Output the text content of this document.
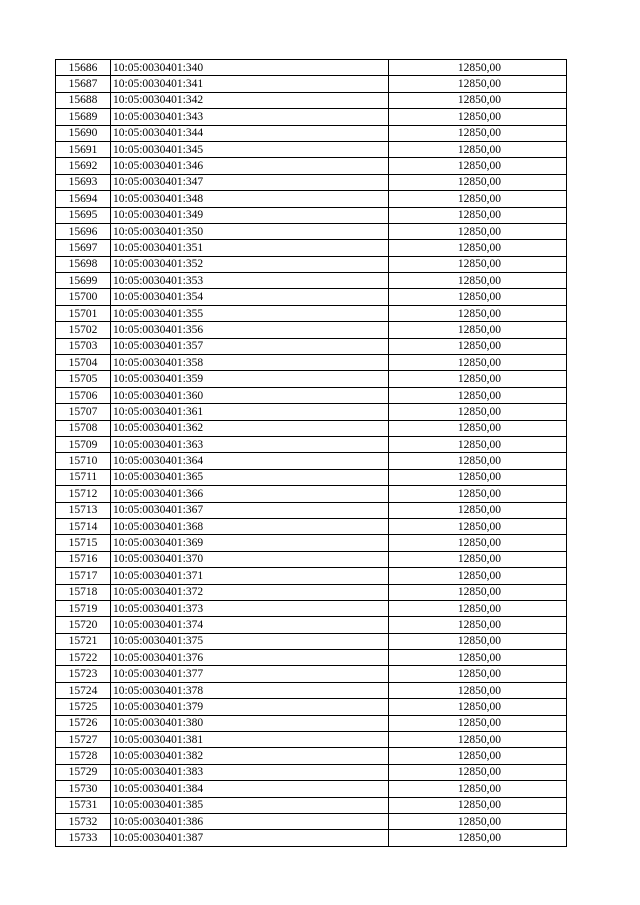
15686	10:05:0030401:340	12850,00
15687	10:05:0030401:341	12850,00
15688	10:05:0030401:342	12850,00
15689	10:05:0030401:343	12850,00
15690	10:05:0030401:344	12850,00
15691	10:05:0030401:345	12850,00
15692	10:05:0030401:346	12850,00
15693	10:05:0030401:347	12850,00
15694	10:05:0030401:348	12850,00
15695	10:05:0030401:349	12850,00
15696	10:05:0030401:350	12850,00
15697	10:05:0030401:351	12850,00
15698	10:05:0030401:352	12850,00
15699	10:05:0030401:353	12850,00
15700	10:05:0030401:354	12850,00
15701	10:05:0030401:355	12850,00
15702	10:05:0030401:356	12850,00
15703	10:05:0030401:357	12850,00
15704	10:05:0030401:358	12850,00
15705	10:05:0030401:359	12850,00
15706	10:05:0030401:360	12850,00
15707	10:05:0030401:361	12850,00
15708	10:05:0030401:362	12850,00
15709	10:05:0030401:363	12850,00
15710	10:05:0030401:364	12850,00
15711	10:05:0030401:365	12850,00
15712	10:05:0030401:366	12850,00
15713	10:05:0030401:367	12850,00
15714	10:05:0030401:368	12850,00
15715	10:05:0030401:369	12850,00
15716	10:05:0030401:370	12850,00
15717	10:05:0030401:371	12850,00
15718	10:05:0030401:372	12850,00
15719	10:05:0030401:373	12850,00
15720	10:05:0030401:374	12850,00
15721	10:05:0030401:375	12850,00
15722	10:05:0030401:376	12850,00
15723	10:05:0030401:377	12850,00
15724	10:05:0030401:378	12850,00
15725	10:05:0030401:379	12850,00
15726	10:05:0030401:380	12850,00
15727	10:05:0030401:381	12850,00
15728	10:05:0030401:382	12850,00
15729	10:05:0030401:383	12850,00
15730	10:05:0030401:384	12850,00
15731	10:05:0030401:385	12850,00
15732	10:05:0030401:386	12850,00
15733	10:05:0030401:387	12850,00
